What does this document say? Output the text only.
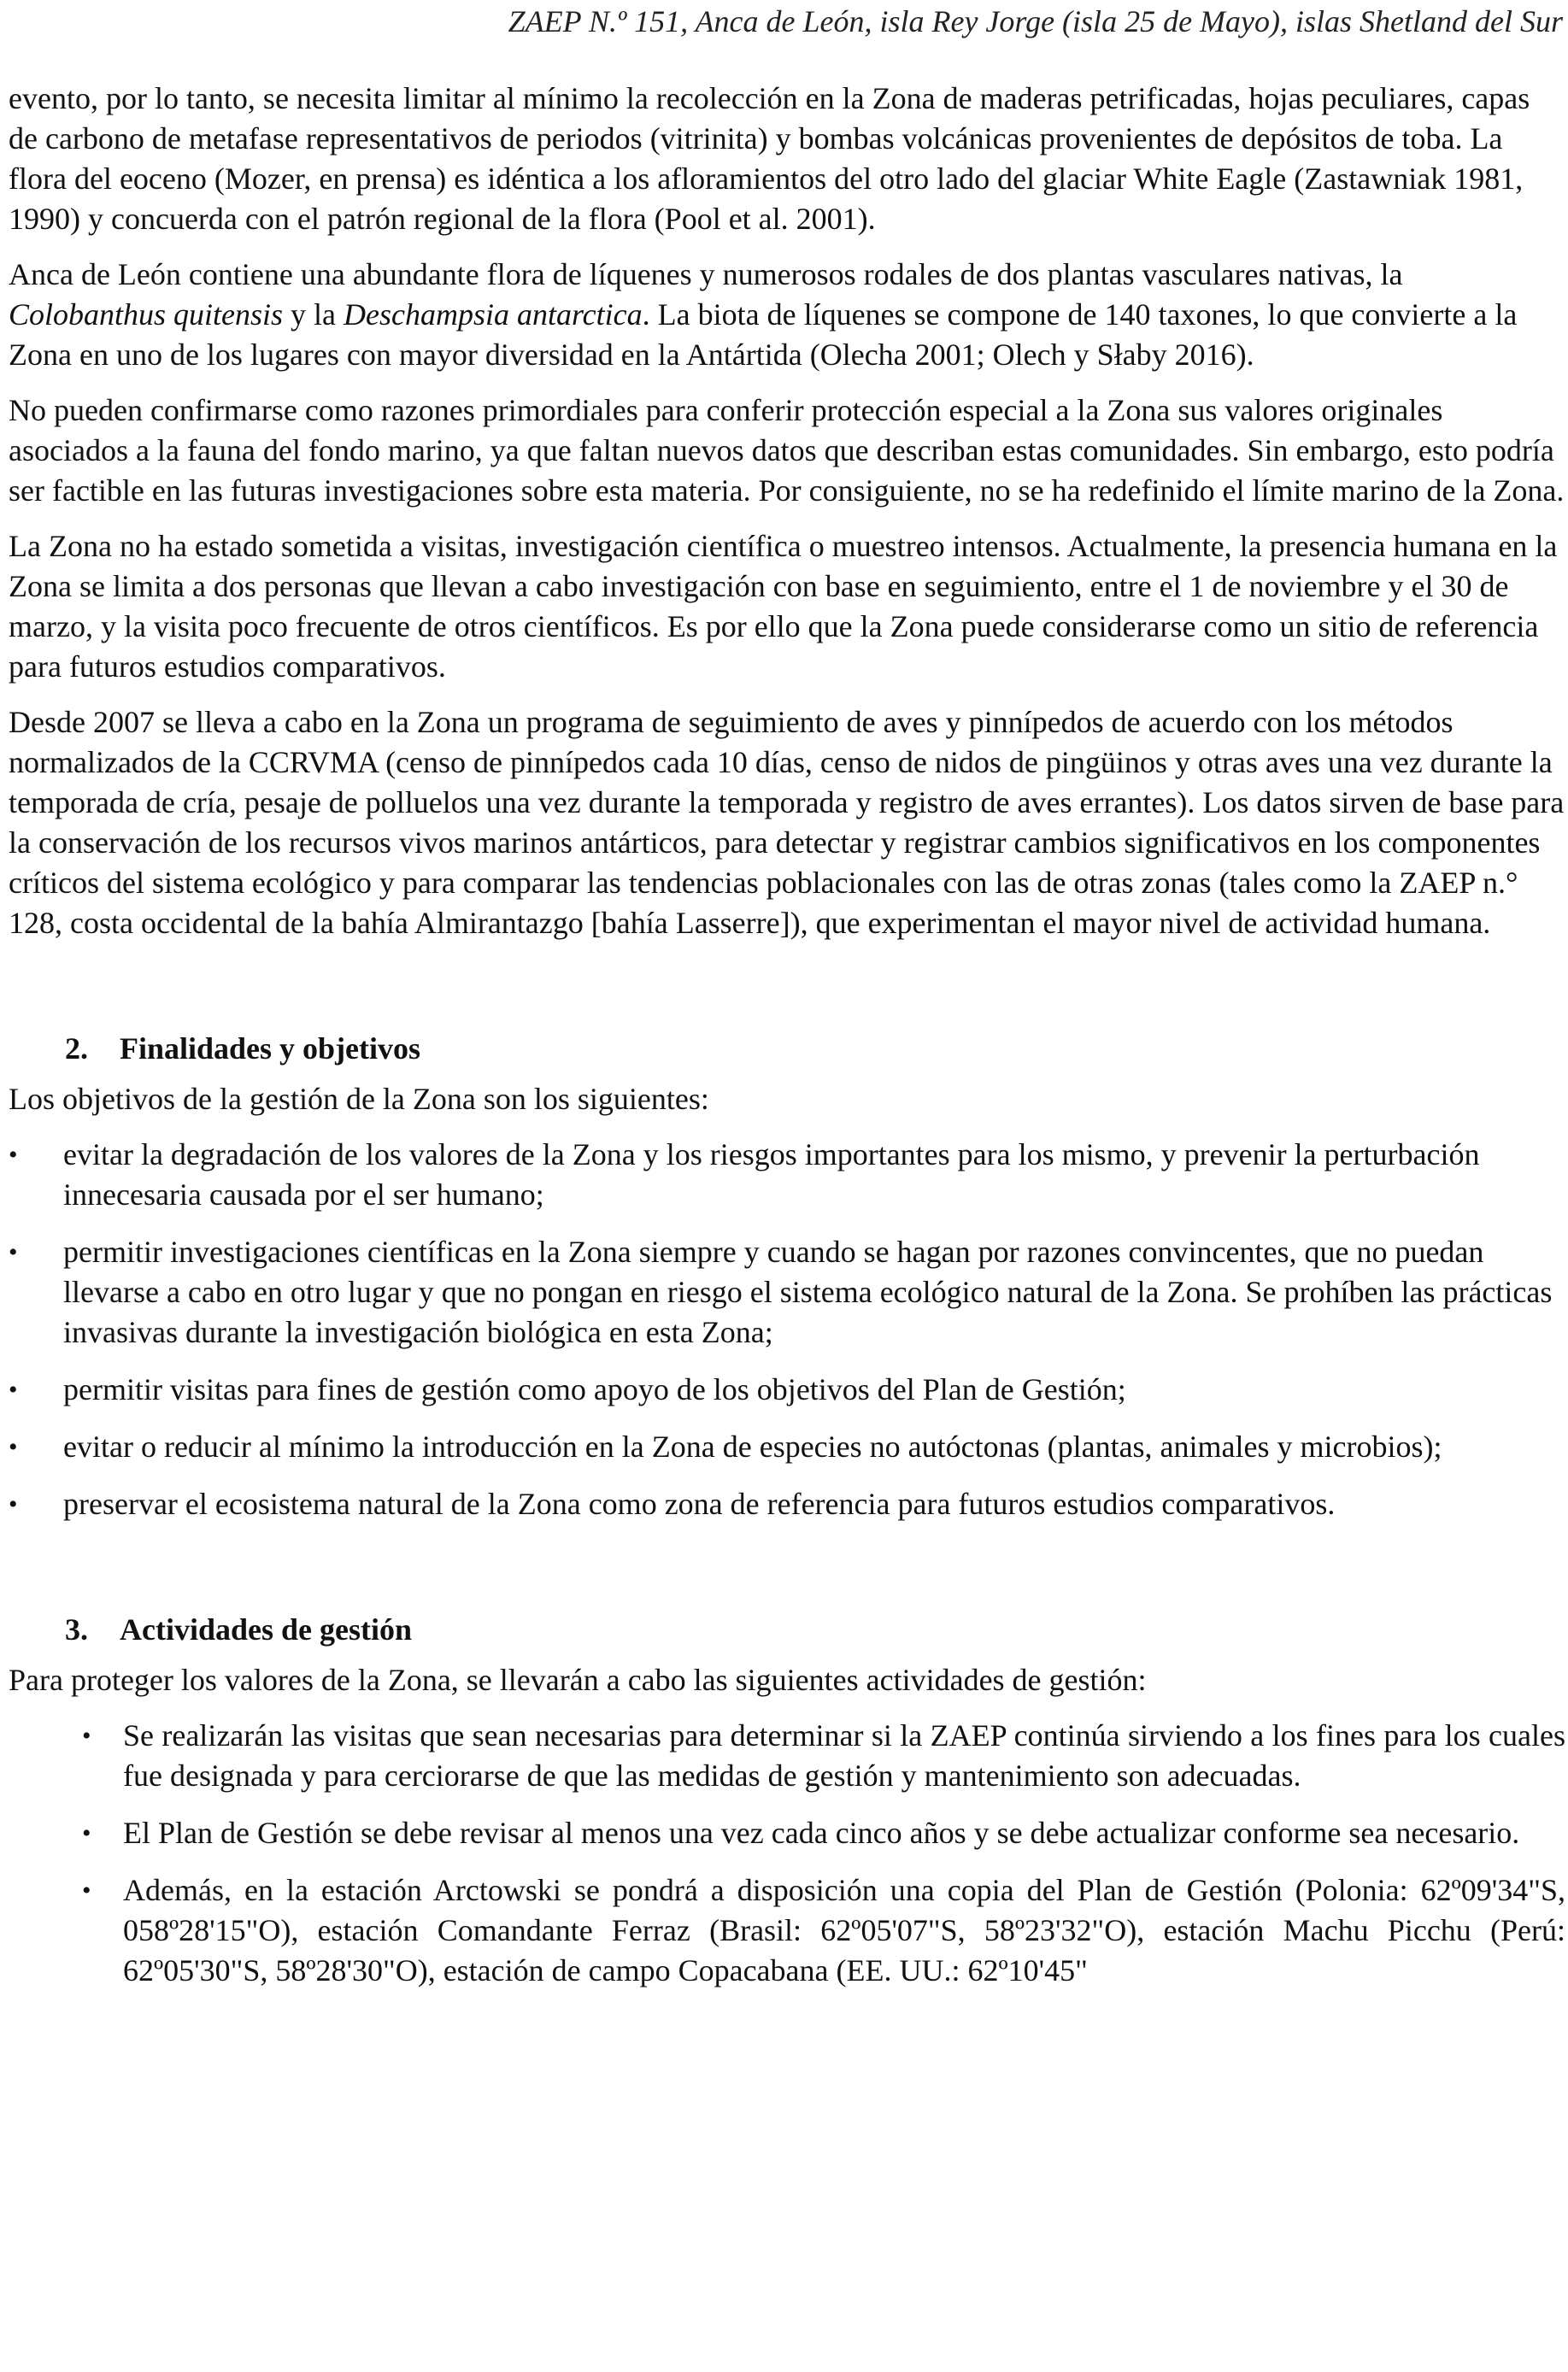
ZAEP N.º 151, Anca de León, isla Rey Jorge (isla 25 de Mayo), islas Shetland del Sur

evento, por lo tanto, se necesita limitar al mínimo la recolección en la Zona de maderas petrificadas, hojas peculiares, capas de carbono de metafase representativos de periodos (vitrinita) y bombas volcánicas provenientes de depósitos de toba. La flora del eoceno (Mozer, en prensa) es idéntica a los afloramientos del otro lado del glaciar White Eagle (Zastawniak 1981, 1990) y concuerda con el patrón regional de la flora (Pool et al. 2001).

Anca de León contiene una abundante flora de líquenes y numerosos rodales de dos plantas vasculares nativas, la Colobanthus quitensis y la Deschampsia antarctica. La biota de líquenes se compone de 140 taxones, lo que convierte a la Zona en uno de los lugares con mayor diversidad en la Antártida (Olecha 2001; Olech y Słaby 2016).

No pueden confirmarse como razones primordiales para conferir protección especial a la Zona sus valores originales asociados a la fauna del fondo marino, ya que faltan nuevos datos que describan estas comunidades. Sin embargo, esto podría ser factible en las futuras investigaciones sobre esta materia. Por consiguiente, no se ha redefinido el límite marino de la Zona.

La Zona no ha estado sometida a visitas, investigación científica o muestreo intensos. Actualmente, la presencia humana en la Zona se limita a dos personas que llevan a cabo investigación con base en seguimiento, entre el 1 de noviembre y el 30 de marzo, y la visita poco frecuente de otros científicos. Es por ello que la Zona puede considerarse como un sitio de referencia para futuros estudios comparativos.

Desde 2007 se lleva a cabo en la Zona un programa de seguimiento de aves y pinnípedos de acuerdo con los métodos normalizados de la CCRVMA (censo de pinnípedos cada 10 días, censo de nidos de pingüinos y otras aves una vez durante la temporada de cría, pesaje de polluelos una vez durante la temporada y registro de aves errantes). Los datos sirven de base para la conservación de los recursos vivos marinos antárticos, para detectar y registrar cambios significativos en los componentes críticos del sistema ecológico y para comparar las tendencias poblacionales con las de otras zonas (tales como la ZAEP n.° 128, costa occidental de la bahía Almirantazgo [bahía Lasserre]), que experimentan el mayor nivel de actividad humana.

2. Finalidades y objetivos

Los objetivos de la gestión de la Zona son los siguientes:

• evitar la degradación de los valores de la Zona y los riesgos importantes para los mismo, y prevenir la perturbación innecesaria causada por el ser humano;
• permitir investigaciones científicas en la Zona siempre y cuando se hagan por razones convincentes, que no puedan llevarse a cabo en otro lugar y que no pongan en riesgo el sistema ecológico natural de la Zona. Se prohíben las prácticas invasivas durante la investigación biológica en esta Zona;
• permitir visitas para fines de gestión como apoyo de los objetivos del Plan de Gestión;
• evitar o reducir al mínimo la introducción en la Zona de especies no autóctonas (plantas, animales y microbios);
• preservar el ecosistema natural de la Zona como zona de referencia para futuros estudios comparativos.
3. Actividades de gestión

Para proteger los valores de la Zona, se llevarán a cabo las siguientes actividades de gestión:

• Se realizarán las visitas que sean necesarias para determinar si la ZAEP continúa sirviendo a los fines para los cuales fue designada y para cerciorarse de que las medidas de gestión y mantenimiento son adecuadas.
• El Plan de Gestión se debe revisar al menos una vez cada cinco años y se debe actualizar conforme sea necesario.
• Además, en la estación Arctowski se pondrá a disposición una copia del Plan de Gestión (Polonia: 62º09'34"S, 058º28'15"O), estación Comandante Ferraz (Brasil: 62º05'07"S, 58º23'32"O), estación Machu Picchu (Perú: 62º05'30"S, 58º28'30"O), estación de campo Copacabana (EE. UU.: 62º10'45"
